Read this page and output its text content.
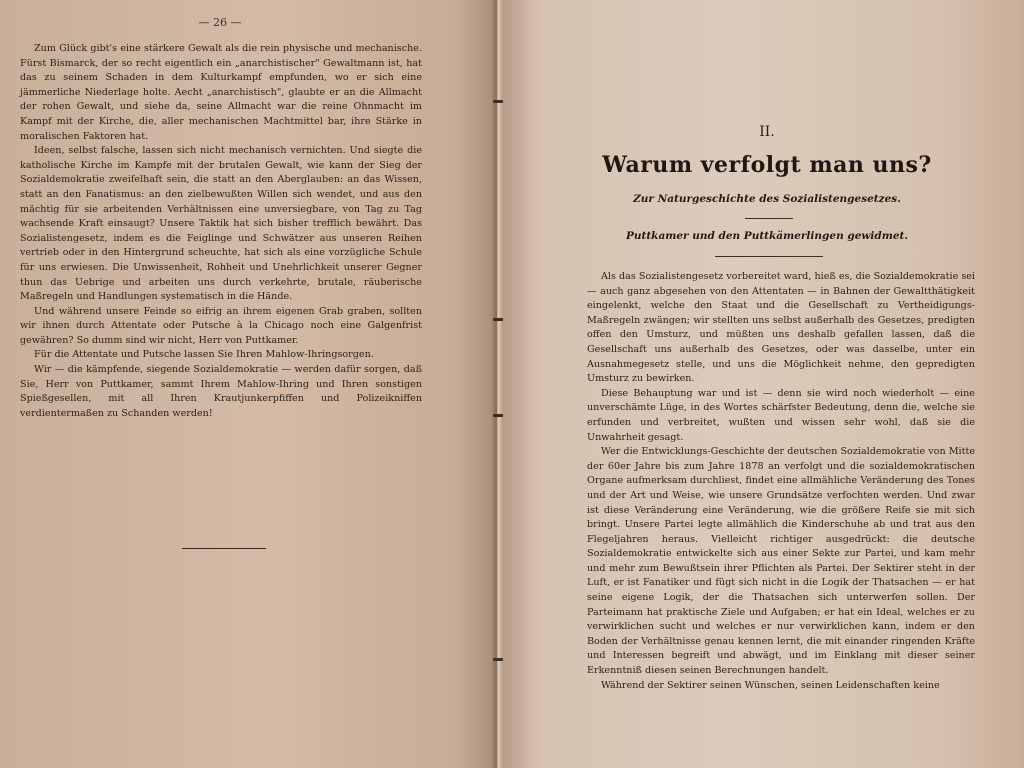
— 26 —

Zum Glück gibt's eine stärkere Gewalt als die rein physische und mechanische. Fürst Bismarck, der so recht eigentlich ein „anarchistischer" Gewaltmann ist, hat das zu seinem Schaden in dem Kulturkampf empfunden, wo er sich eine jämmerliche Niederlage holte. Aecht „anarchistisch", glaubte er an die Allmacht der rohen Gewalt, und siehe da, seine Allmacht war die reine Ohnmacht im Kampf mit der Kirche, die, aller mechanischen Machtmittel bar, ihre Stärke in moralischen Faktoren hat.

Ideen, selbst falsche, lassen sich nicht mechanisch vernichten. Und siegte die katholische Kirche im Kampfe mit der brutalen Gewalt, wie kann der Sieg der Sozialdemokratie zweifelhaft sein, die statt an den Aberglauben: an das Wissen, statt an den Fanatismus: an den zielbewußten Willen sich wendet, und aus den mächtig für sie arbeitenden Verhältnissen eine unversiegbare, von Tag zu Tag wachsende Kraft einsaugt? Unsere Taktik hat sich bisher trefflich bewährt. Das Sozialistengesetz, indem es die Feiglinge und Schwätzer aus unseren Reihen vertrieb oder in den Hintergrund scheuchte, hat sich als eine vorzügliche Schule für uns erwiesen. Die Unwissenheit, Rohheit und Unehrlichkeit unserer Gegner thun das Uebrige und arbeiten uns durch verkehrte, brutale, räuberische Maßregeln und Handlungen systematisch in die Hände.

Und während unsere Feinde so eifrig an ihrem eigenen Grab graben, sollten wir ihnen durch Attentate oder Putsche à la Chicago noch eine Galgenfrist gewähren? So dumm sind wir nicht, Herr von Puttkamer.

Für die Attentate und Putsche lassen Sie Ihren Mahlow-Ihringsorgen.

Wir — die kämpfende, siegende Sozialdemokratie — werden dafür sorgen, daß Sie, Herr von Puttkamer, sammt Ihrem Mahlow-Ihring und Ihren sonstigen Spießgesellen, mit all Ihren Krautjunkerpfiffen und Polizeikniffen verdientermaßen zu Schanden werden!

II.
Warum verfolgt man uns?
Zur Naturgeschichte des Sozialistengesetzes.
Puttkamer und den Puttkämerlingen gewidmet.

Als das Sozialistengesetz vorbereitet ward, hieß es, die Sozialdemokratie sei — auch ganz abgesehen von den Attentaten — in Bahnen der Gewaltthätigkeit eingelenkt, welche den Staat und die Gesellschaft zu Vertheidigungs-Maßregeln zwängen; wir stellten uns selbst außerhalb des Gesetzes, predigten offen den Umsturz, und müßten uns deshalb gefallen lassen, daß die Gesellschaft uns außerhalb des Gesetzes, oder was dasselbe, unter ein Ausnahmegesetz stelle, und uns die Möglichkeit nehme, den gepredigten Umsturz zu bewirken.

Diese Behauptung war und ist — denn sie wird noch wiederholt — eine unverschämte Lüge, in des Wortes schärfster Bedeutung, denn die, welche sie erfunden und verbreitet, wußten und wissen sehr wohl, daß sie die Unwahrheit gesagt.

Wer die Entwicklungs-Geschichte der deutschen Sozialdemokratie von Mitte der 60er Jahre bis zum Jahre 1878 an verfolgt und die sozialdemokratischen Organe aufmerksam durchliest, findet eine allmähliche Veränderung des Tones und der Art und Weise, wie unsere Grundsätze verfochten werden. Und zwar ist diese Veränderung eine Veränderung, wie die größere Reife sie mit sich bringt. Unsere Partei legte allmählich die Kinderschuhe ab und trat aus den Flegeljahren heraus. Vielleicht richtiger ausgedrückt: die deutsche Sozialdemokratie entwickelte sich aus einer Sekte zur Partei, und kam mehr und mehr zum Bewußtsein ihrer Pflichten als Partei. Der Sektirer steht in der Luft, er ist Fanatiker und fügt sich nicht in die Logik der Thatsachen — er hat seine eigene Logik, der die Thatsachen sich unterwerfen sollen. Der Parteimann hat praktische Ziele und Aufgaben; er hat ein Ideal, welches er zu verwirklichen sucht und welches er nur verwirklichen kann, indem er den Boden der Verhältnisse genau kennen lernt, die mit einander ringenden Kräfte und Interessen begreift und abwägt, und im Einklang mit dieser seiner Erkenntniß diesen seinen Berechnungen handelt.

Während der Sektirer seinen Wünschen, seinen Leidenschaften keine
